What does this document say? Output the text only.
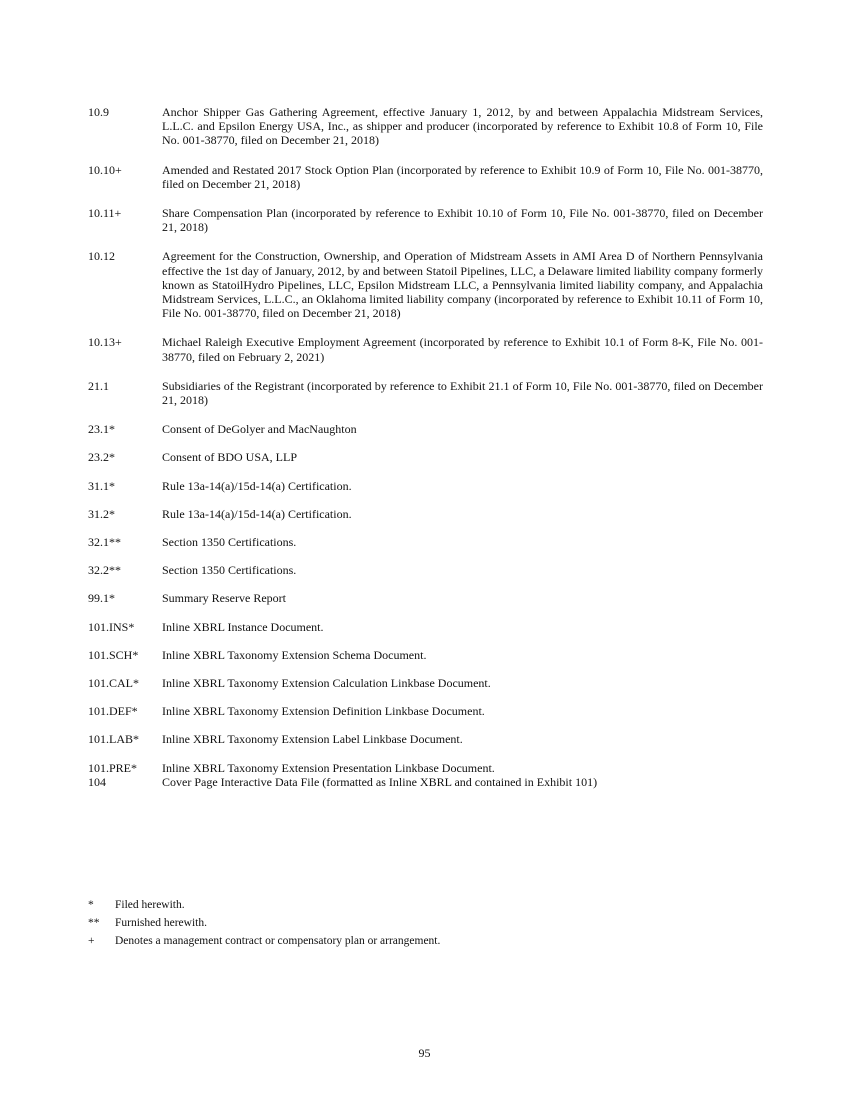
10.9	Anchor Shipper Gas Gathering Agreement, effective January 1, 2012, by and between Appalachia Midstream Services, L.L.C. and Epsilon Energy USA, Inc., as shipper and producer (incorporated by reference to Exhibit 10.8 of Form 10, File No. 001-38770, filed on December 21, 2018)
10.10+	Amended and Restated 2017 Stock Option Plan (incorporated by reference to Exhibit 10.9 of Form 10, File No. 001-38770, filed on December 21, 2018)
10.11+	Share Compensation Plan (incorporated by reference to Exhibit 10.10 of Form 10, File No. 001-38770, filed on December 21, 2018)
10.12	Agreement for the Construction, Ownership, and Operation of Midstream Assets in AMI Area D of Northern Pennsylvania effective the 1st day of January, 2012, by and between Statoil Pipelines, LLC, a Delaware limited liability company formerly known as StatoilHydro Pipelines, LLC, Epsilon Midstream LLC, a Pennsylvania limited liability company, and Appalachia Midstream Services, L.L.C., an Oklahoma limited liability company (incorporated by reference to Exhibit 10.11 of Form 10, File No. 001-38770, filed on December 21, 2018)
10.13+	Michael Raleigh Executive Employment Agreement (incorporated by reference to Exhibit 10.1 of Form 8-K, File No. 001-38770, filed on February 2, 2021)
21.1	Subsidiaries of the Registrant (incorporated by reference to Exhibit 21.1 of Form 10, File No. 001-38770, filed on December 21, 2018)
23.1*	Consent of DeGolyer and MacNaughton
23.2*	Consent of BDO USA, LLP
31.1*	Rule 13a-14(a)/15d-14(a) Certification.
31.2*	Rule 13a-14(a)/15d-14(a) Certification.
32.1**	Section 1350 Certifications.
32.2**	Section 1350 Certifications.
99.1*	Summary Reserve Report
101.INS*	Inline XBRL Instance Document.
101.SCH*	Inline XBRL Taxonomy Extension Schema Document.
101.CAL*	Inline XBRL Taxonomy Extension Calculation Linkbase Document.
101.DEF*	Inline XBRL Taxonomy Extension Definition Linkbase Document.
101.LAB*	Inline XBRL Taxonomy Extension Label Linkbase Document.
101.PRE*	Inline XBRL Taxonomy Extension Presentation Linkbase Document.
104	Cover Page Interactive Data File (formatted as Inline XBRL and contained in Exhibit 101)
*	Filed herewith.
**	Furnished herewith.
+	Denotes a management contract or compensatory plan or arrangement.
95
